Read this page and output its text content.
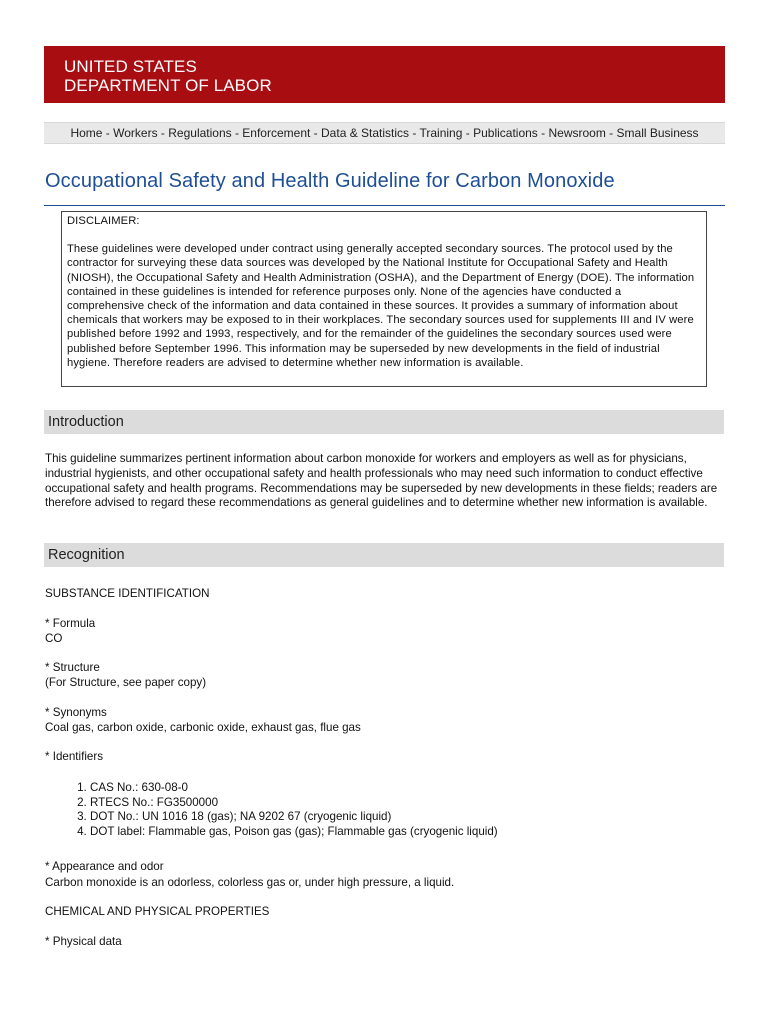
UNITED STATES
DEPARTMENT OF LABOR
Home - Workers - Regulations - Enforcement - Data & Statistics - Training - Publications - Newsroom - Small Business
Occupational Safety and Health Guideline for Carbon Monoxide
DISCLAIMER:
These guidelines were developed under contract using generally accepted secondary sources. The protocol used by the contractor for surveying these data sources was developed by the National Institute for Occupational Safety and Health (NIOSH), the Occupational Safety and Health Administration (OSHA), and the Department of Energy (DOE). The information contained in these guidelines is intended for reference purposes only. None of the agencies have conducted a comprehensive check of the information and data contained in these sources. It provides a summary of information about chemicals that workers may be exposed to in their workplaces. The secondary sources used for supplements III and IV were published before 1992 and 1993, respectively, and for the remainder of the guidelines the secondary sources used were published before September 1996. This information may be superseded by new developments in the field of industrial hygiene. Therefore readers are advised to determine whether new information is available.
Introduction
This guideline summarizes pertinent information about carbon monoxide for workers and employers as well as for physicians, industrial hygienists, and other occupational safety and health professionals who may need such information to conduct effective occupational safety and health programs. Recommendations may be superseded by new developments in these fields; readers are therefore advised to regard these recommendations as general guidelines and to determine whether new information is available.
Recognition
SUBSTANCE IDENTIFICATION
* Formula
CO
* Structure
(For Structure, see paper copy)
* Synonyms
Coal gas, carbon oxide, carbonic oxide, exhaust gas, flue gas
* Identifiers
1. CAS No.: 630-08-0
2. RTECS No.: FG3500000
3. DOT No.: UN 1016 18 (gas); NA 9202 67 (cryogenic liquid)
4. DOT label: Flammable gas, Poison gas (gas); Flammable gas (cryogenic liquid)
* Appearance and odor
Carbon monoxide is an odorless, colorless gas or, under high pressure, a liquid.
CHEMICAL AND PHYSICAL PROPERTIES
* Physical data
